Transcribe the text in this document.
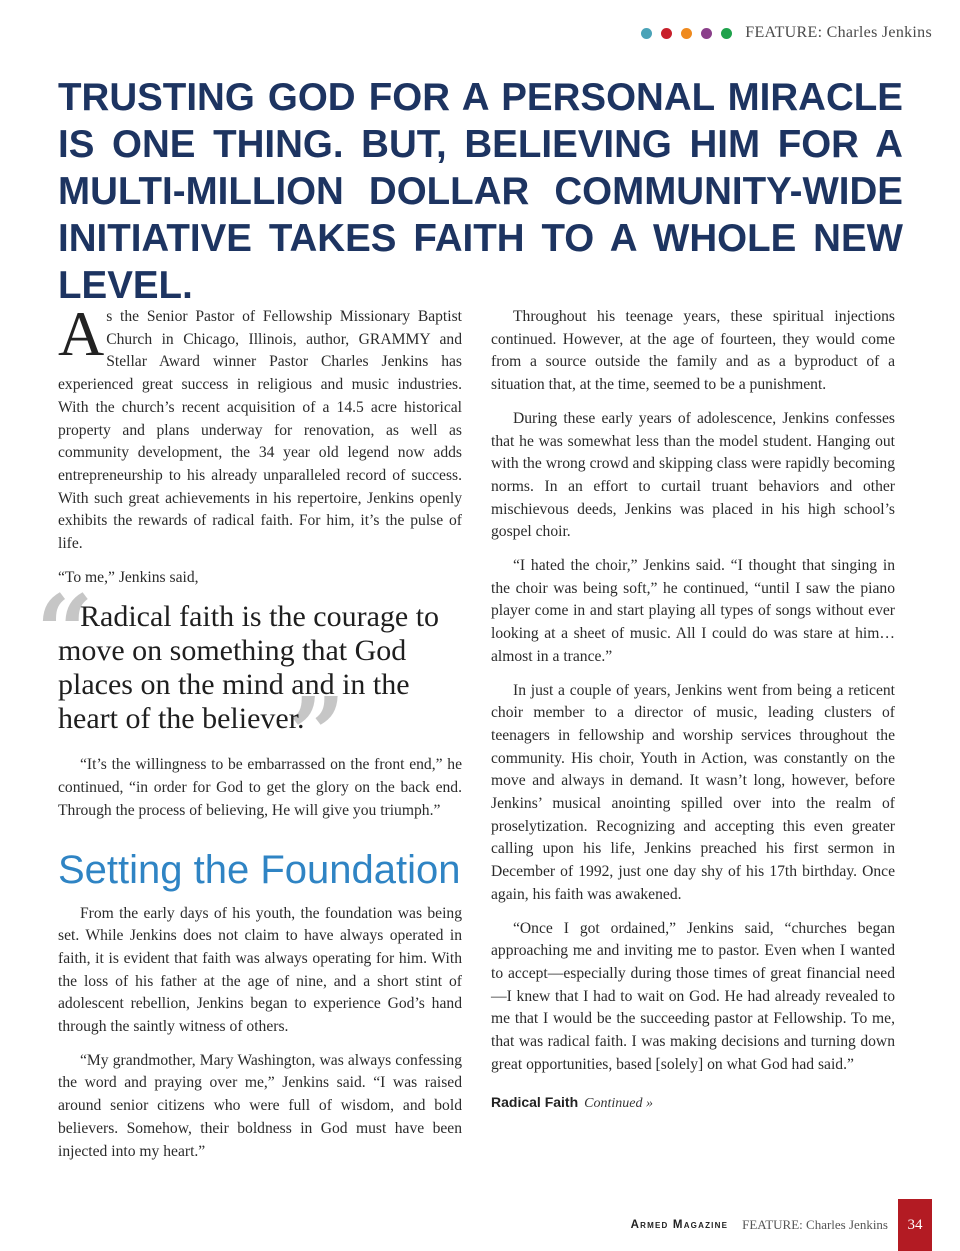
FEATURE: Charles Jenkins
TRUSTING GOD FOR A PERSONAL MIRACLE IS ONE THING. BUT, BELIEVING HIM FOR A MULTI-MILLION DOLLAR COMMUNITY-WIDE INITIATIVE TAKES FAITH TO A WHOLE NEW LEVEL.

As the Senior Pastor of Fellowship Missionary Baptist Church in Chicago, Illinois, author, GRAMMY and Stellar Award winner Pastor Charles Jenkins has experienced great success in religious and music industries. With the church’s recent acquisition of a 14.5 acre historical property and plans underway for renovation, as well as community development, the 34 year old legend now adds entrepreneurship to his already unparalleled record of success. With such great achievements in his repertoire, Jenkins openly exhibits the rewards of radical faith. For him, it’s the pulse of life.

“To me,” Jenkins said,

“

Radical faith is the courage to move on something that God places on the mind and in the heart of the believer.

”

“It’s the willingness to be embarrassed on the front end,” he continued, “in order for God to get the glory on the back end. Through the process of believing, He will give you triumph.”

Setting the Foundation

From the early days of his youth, the foundation was being set. While Jenkins does not claim to have always operated in faith, it is evident that faith was always operating for him. With the loss of his father at the age of nine, and a short stint of adolescent rebellion, Jenkins began to experience God’s hand through the saintly witness of others.

“My grandmother, Mary Washington, was always confessing the word and praying over me,” Jenkins said. “I was raised around senior citizens who were full of wisdom, and bold believers. Somehow, their boldness in God must have been injected into my heart.”

Throughout his teenage years, these spiritual injections continued. However, at the age of fourteen, they would come from a source outside the family and as a byproduct of a situation that, at the time, seemed to be a punishment.

During these early years of adolescence, Jenkins confesses that he was somewhat less than the model student. Hanging out with the wrong crowd and skipping class were rapidly becoming norms. In an effort to curtail truant behaviors and other mischievous deeds, Jenkins was placed in his high school’s gospel choir.

“I hated the choir,” Jenkins said. “I thought that singing in the choir was being soft,” he continued, “until I saw the piano player come in and start playing all types of songs without ever looking at a sheet of music. All I could do was stare at him…almost in a trance.”

In just a couple of years, Jenkins went from being a reticent choir member to a director of music, leading clusters of teenagers in fellowship and worship services throughout the community. His choir, Youth in Action, was constantly on the move and always in demand. It wasn’t long, however, before Jenkins’ musical anointing spilled over into the realm of proselytization. Recognizing and accepting this even greater calling upon his life, Jenkins preached his first sermon in December of 1992, just one day shy of his 17th birthday. Once again, his faith was awakened.

“Once I got ordained,” Jenkins said, “churches began approaching me and inviting me to pastor. Even when I wanted to accept—especially during those times of great financial need—I knew that I had to wait on God. He had already revealed to me that I would be the succeeding pastor at Fellowship. To me, that was radical faith. I was making decisions and turning down great opportunities, based [solely] on what God had said.”

Radical Faith Continued »
Armed Magazine FEATURE: Charles Jenkins	34
